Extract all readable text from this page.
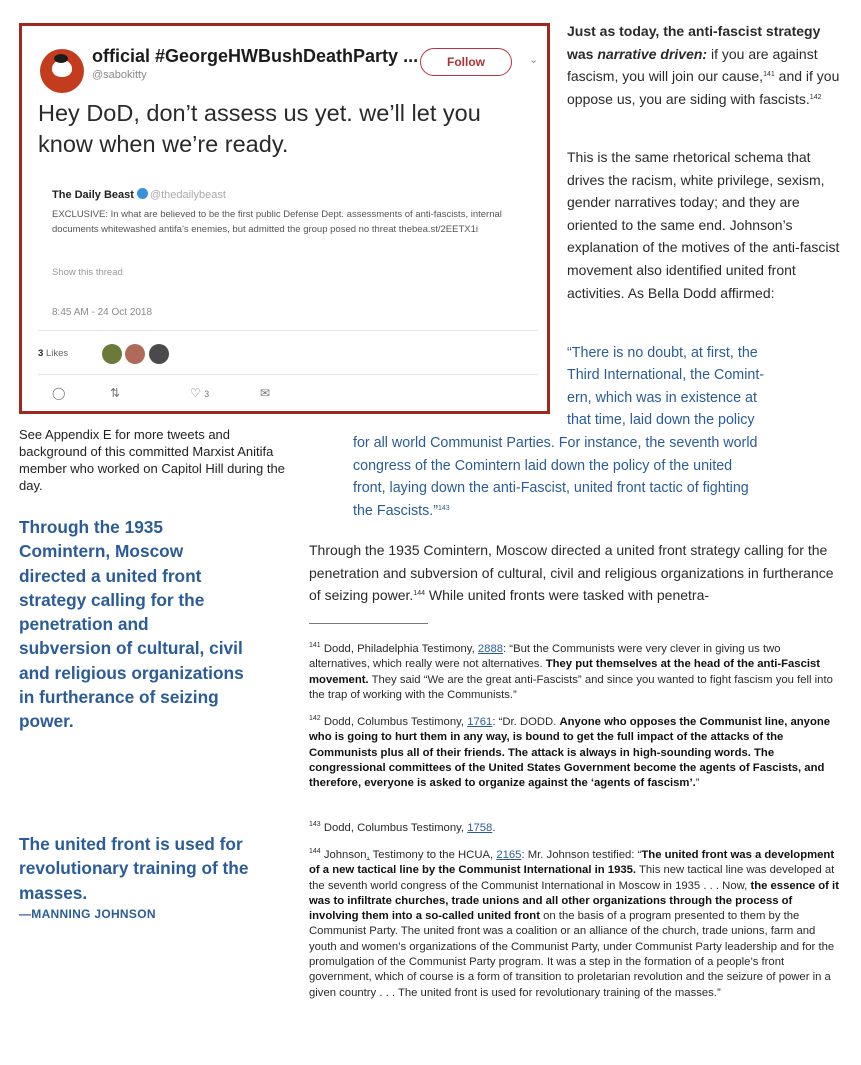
official #GeorgeHWBushDeathParty ...
@sabokitty
Follow	⌄
Hey DoD, don’t assess us yet. we’ll let you know when we’re ready.
The Daily Beast @thedailybeast
EXCLUSIVE: In what are believed to be the first public Defense Dept. assessments of anti-fascists, internal documents whitewashed antifa’s enemies, but admitted the group posed no threat thebea.st/2EETX1i
Show this thread
8:45 AM - 24 Oct 2018
3 Likes
◯	⇅	♡ 3	✉
Just as today, the anti-fascist strategy was narrative driven: if you are against fascism, you will join our cause,$^{141}$ and if you oppose us, you are siding with fascists.$^{142}$
This is the same rhetorical schema that drives the racism, white privilege, sexism, gender narratives today; and they are oriented to the same end. Johnson’s explanation of the motives of the anti-fascist movement also identified united front activities. As Bella Dodd affirmed:
“There is no doubt, at first, the
Third International, the Comint-
ern, which was in existence at
that time, laid down the policy
for all world Communist Parties. For instance, the seventh world
congress of the Comintern laid down the policy of the united
front, laying down the anti-Fascist, united front tactic of fighting
the Fascists.”$^{143}$
See Appendix E for more tweets and background of this committed Marxist Anitifa member who worked on Capitol Hill during the day.
Through the 1935 Comintern, Moscow directed a united front strategy calling for the penetration and subversion of cultural, civil and religious organizations in furtherance of seizing power.
The united front is used for revolutionary training of the masses.
—MANNING JOHNSON
Through the 1935 Comintern, Moscow directed a united front strategy calling for the penetration and subversion of cultural, civil and religious organizations in furtherance of seizing power.$^{144}$ While united fronts were tasked with penetra-
$^{141}$ Dodd, Philadelphia Testimony, 2888: “But the Communists were very clever in giving us two alternatives, which really were not alternatives. They put themselves at the head of the anti-Fascist movement. They said “We are the great anti-Fascists” and since you wanted to fight fascism you fell into the trap of working with the Communists.”
$^{142}$ Dodd, Columbus Testimony, 1761: “Dr. DODD. Anyone who opposes the Communist line, anyone who is going to hurt them in any way, is bound to get the full impact of the attacks of the Communists plus all of their friends. The attack is always in high-sounding words. The congressional committees of the United States Government become the agents of Fascists, and therefore, everyone is asked to organize against the ‘agents of fascism’.”
$^{143}$ Dodd, Columbus Testimony, 1758.
$^{144}$ Johnson, Testimony to the HCUA, 2165: Mr. Johnson testified: “The united front was a development of a new tactical line by the Communist International in 1935. This new tactical line was developed at the seventh world congress of the Communist International in Moscow in 1935 . . . Now, the essence of it was to infiltrate churches, trade unions and all other organizations through the process of involving them into a so-called united front on the basis of a program presented to them by the Communist Party. The united front was a coalition or an alliance of the church, trade unions, farm and youth and women’s organizations of the Communist Party, under Communist Party leadership and for the promulgation of the Communist Party program. It was a step in the formation of a people’s front government, which of course is a form of transition to proletarian revolution and the seizure of power in a given country . . . The united front is used for revolutionary training of the masses.”
